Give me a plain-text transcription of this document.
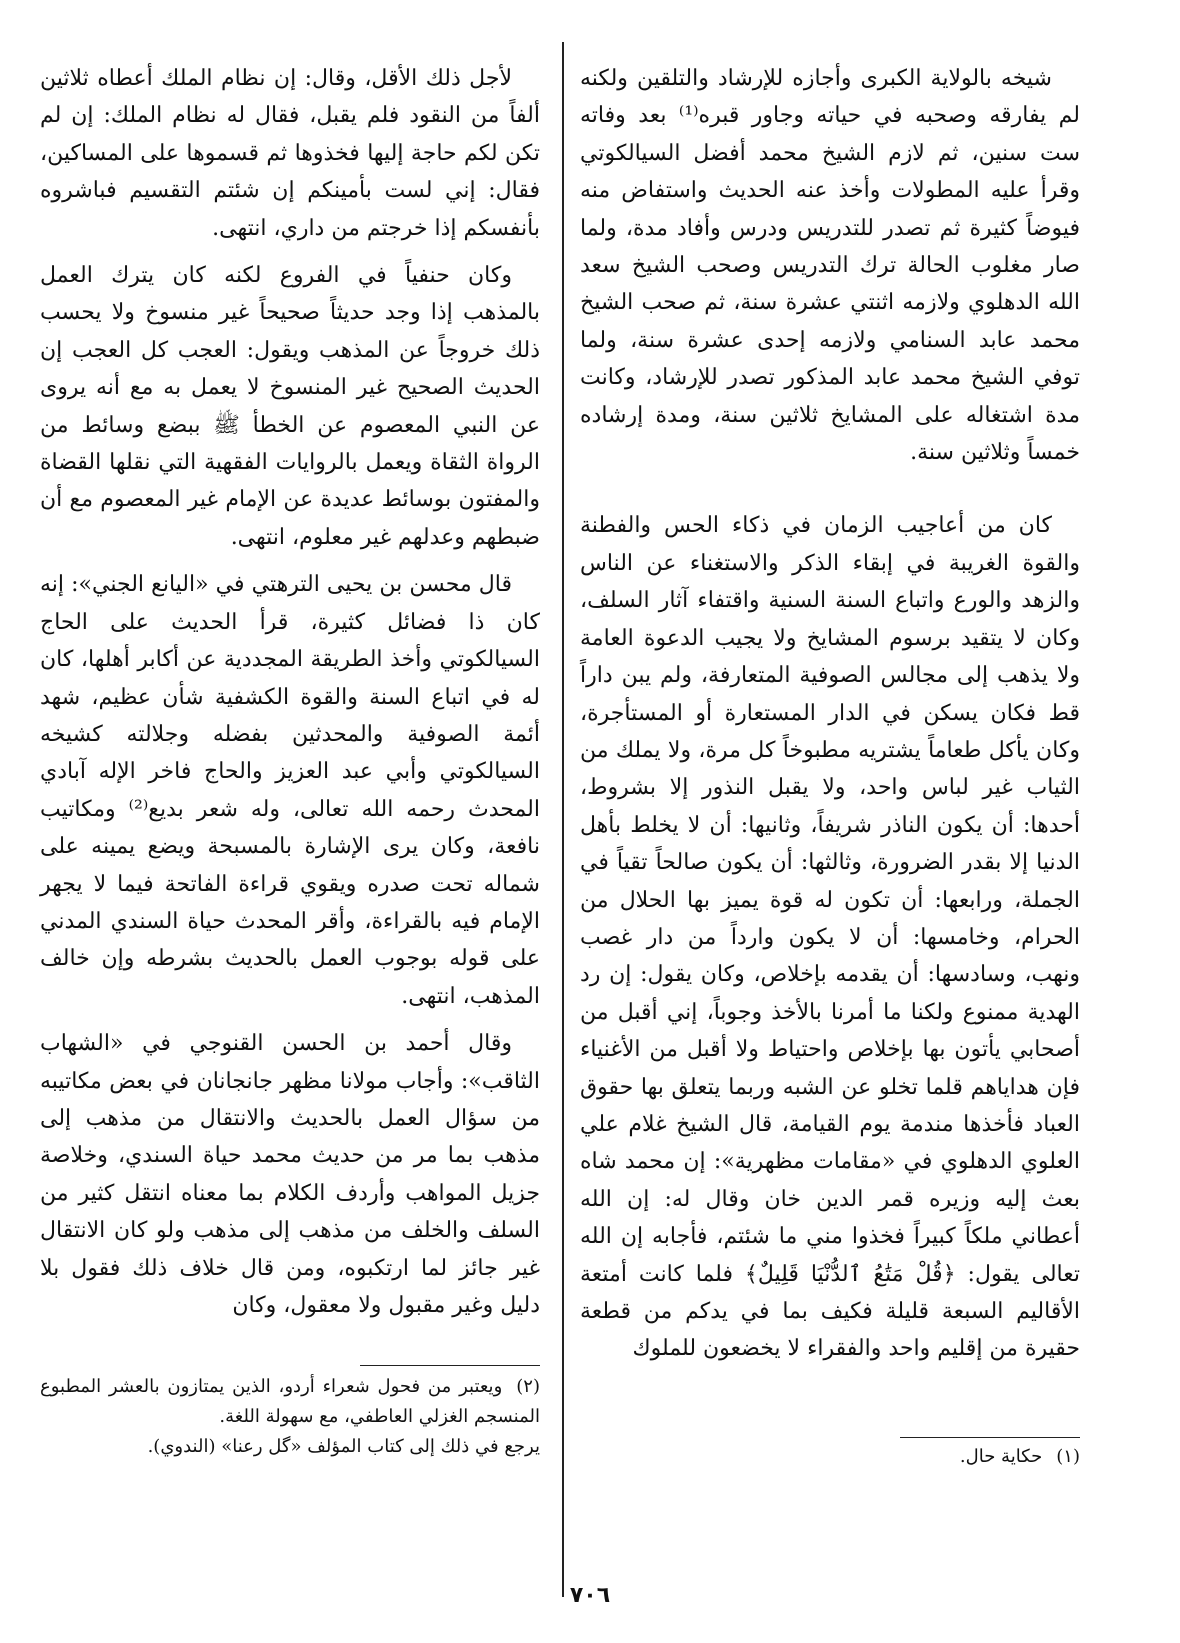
شيخه بالولاية الكبرى وأجازه للإرشاد والتلقين ولكنه لم يفارقه وصحبه في حياته وجاور قبره⁽¹⁾ بعد وفاته ست سنين، ثم لازم الشيخ محمد أفضل السيالكوتي وقرأ عليه المطولات وأخذ عنه الحديث واستفاض منه فيوضاً كثيرة ثم تصدر للتدريس ودرس وأفاد مدة، ولما صار مغلوب الحالة ترك التدريس وصحب الشيخ سعد الله الدهلوي ولازمه اثنتي عشرة سنة، ثم صحب الشيخ محمد عابد السنامي ولازمه إحدى عشرة سنة، ولما توفي الشيخ محمد عابد المذكور تصدر للإرشاد، وكانت مدة اشتغاله على المشايخ ثلاثين سنة، ومدة إرشاده خمساً وثلاثين سنة.

كان من أعاجيب الزمان في ذكاء الحس والفطنة والقوة الغريبة في إبقاء الذكر والاستغناء عن الناس والزهد والورع واتباع السنة السنية واقتفاء آثار السلف، وكان لا يتقيد برسوم المشايخ ولا يجيب الدعوة العامة ولا يذهب إلى مجالس الصوفية المتعارفة، ولم يبن داراً قط فكان يسكن في الدار المستعارة أو المستأجرة، وكان يأكل طعاماً يشتريه مطبوخاً كل مرة، ولا يملك من الثياب غير لباس واحد، ولا يقبل النذور إلا بشروط، أحدها: أن يكون الناذر شريفاً، وثانيها: أن لا يخلط بأهل الدنيا إلا بقدر الضرورة، وثالثها: أن يكون صالحاً تقياً في الجملة، ورابعها: أن تكون له قوة يميز بها الحلال من الحرام، وخامسها: أن لا يكون وارداً من دار غصب ونهب، وسادسها: أن يقدمه بإخلاص، وكان يقول: إن رد الهدية ممنوع ولكنا ما أمرنا بالأخذ وجوباً، إني أقبل من أصحابي يأتون بها بإخلاص واحتياط ولا أقبل من الأغنياء فإن هداياهم قلما تخلو عن الشبه وربما يتعلق بها حقوق العباد فأخذها مندمة يوم القيامة، قال الشيخ غلام علي العلوي الدهلوي في «مقامات مظهرية»: إن محمد شاه بعث إليه وزيره قمر الدين خان وقال له: إن الله أعطاني ملكاً كبيراً فخذوا مني ما شئتم، فأجابه إن الله تعالى يقول: ﴿قُلْ مَتَٰعُ ٱلدُّنْيَا قَلِيلٌ﴾ فلما كانت أمتعة الأقاليم السبعة قليلة فكيف بما في يدكم من قطعة حقيرة من إقليم واحد والفقراء لا يخضعون للملوك

لأجل ذلك الأقل، وقال: إن نظام الملك أعطاه ثلاثين ألفاً من النقود فلم يقبل، فقال له نظام الملك: إن لم تكن لكم حاجة إليها فخذوها ثم قسموها على المساكين، فقال: إني لست بأمينكم إن شئتم التقسيم فباشروه بأنفسكم إذا خرجتم من داري، انتهى.

وكان حنفياً في الفروع لكنه كان يترك العمل بالمذهب إذا وجد حديثاً صحيحاً غير منسوخ ولا يحسب ذلك خروجاً عن المذهب ويقول: العجب كل العجب إن الحديث الصحيح غير المنسوخ لا يعمل به مع أنه يروى عن النبي المعصوم عن الخطأ ﷺ ببضع وسائط من الرواة الثقاة ويعمل بالروايات الفقهية التي نقلها القضاة والمفتون بوسائط عديدة عن الإمام غير المعصوم مع أن ضبطهم وعدلهم غير معلوم، انتهى.

قال محسن بن يحيى الترهتي في «اليانع الجني»: إنه كان ذا فضائل كثيرة، قرأ الحديث على الحاج السيالكوتي وأخذ الطريقة المجددية عن أكابر أهلها، كان له في اتباع السنة والقوة الكشفية شأن عظيم، شهد أئمة الصوفية والمحدثين بفضله وجلالته كشيخه السيالكوتي وأبي عبد العزيز والحاج فاخر الإله آبادي المحدث رحمه الله تعالى، وله شعر بديع⁽²⁾ ومكاتيب نافعة، وكان يرى الإشارة بالمسبحة ويضع يمينه على شماله تحت صدره ويقوي قراءة الفاتحة فيما لا يجهر الإمام فيه بالقراءة، وأقر المحدث حياة السندي المدني على قوله بوجوب العمل بالحديث بشرطه وإن خالف المذهب، انتهى.

وقال أحمد بن الحسن القنوجي في «الشهاب الثاقب»: وأجاب مولانا مظهر جانجانان في بعض مكاتيبه من سؤال العمل بالحديث والانتقال من مذهب إلى مذهب بما مر من حديث محمد حياة السندي، وخلاصة جزيل المواهب وأردف الكلام بما معناه انتقل كثير من السلف والخلف من مذهب إلى مذهب ولو كان الانتقال غير جائز لما ارتكبوه، ومن قال خلاف ذلك فقول بلا دليل وغير مقبول ولا معقول، وكان

(١)حكاية حال.

(٢)ويعتبر من فحول شعراء أردو، الذين يمتازون بالعشر المطبوع المنسجم الغزلي العاطفي، مع سهولة اللغة.

يرجع في ذلك إلى كتاب المؤلف «گل رعنا» (الندوي).

٧٠٦
